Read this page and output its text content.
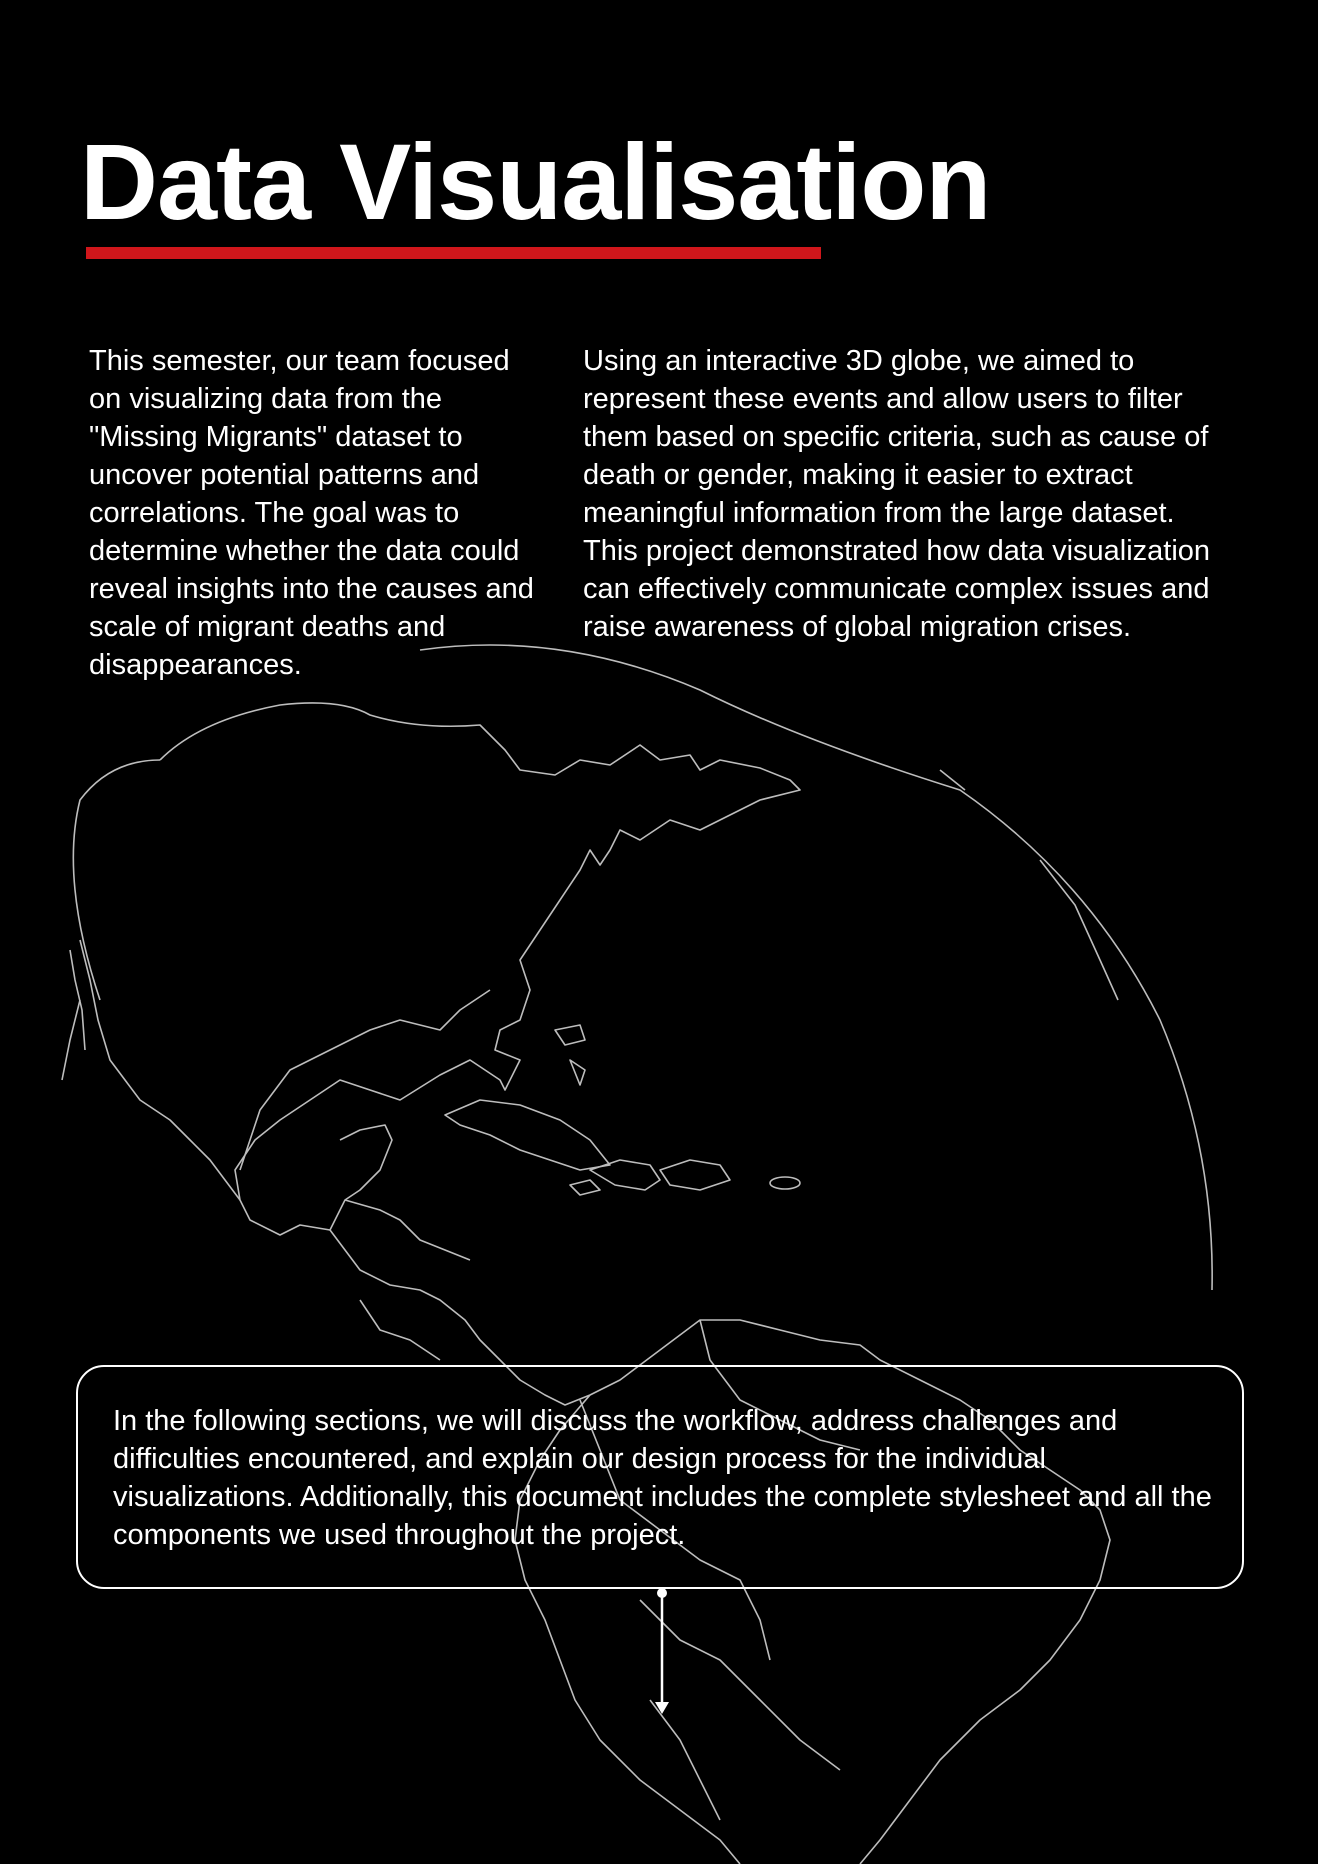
Data Visualisation

This semester, our team focused on visualizing data from the "Missing Migrants" dataset to uncover potential patterns and correlations. The goal was to determine whether the data could reveal insights into the causes and scale of migrant deaths and disappearances.

Using an interactive 3D globe, we aimed to represent these events and allow users to filter them based on specific criteria, such as cause of death or gender, making it easier to extract meaningful information from the large dataset. This project demonstrated how data visualization can effectively communicate complex issues and raise awareness of global migration crises.

In the following sections, we will discuss the workflow, address challenges and difficulties encountered, and explain our design process for the individual visualizations. Additionally, this document includes the complete stylesheet and all the components we used throughout the project.
